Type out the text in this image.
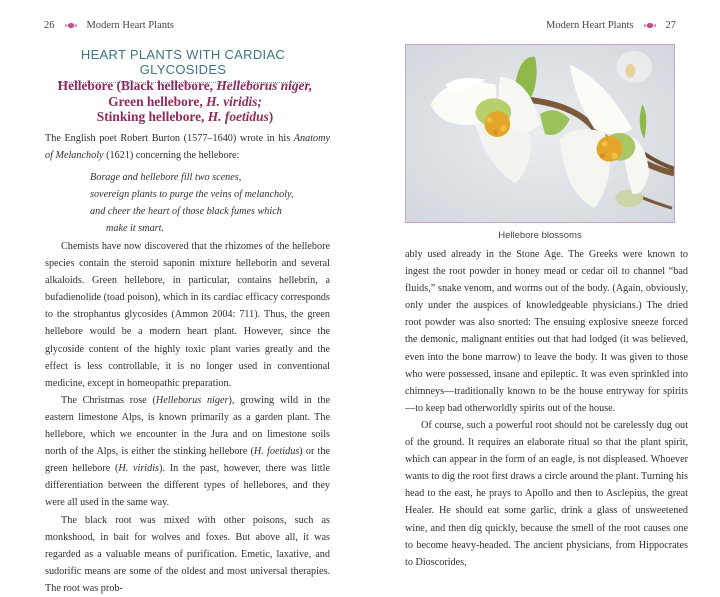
26	Modern Heart Plants
HEART PLANTS WITH CARDIAC GLYCOSIDES
Hellebore (Black hellebore, Helleborus niger,
Green hellebore, H. viridis;
Stinking hellebore, H. foetidus)

The English poet Robert Burton (1577–1640) wrote in his Anatomy of Melancholy (1621) concerning the hellebore:

Borage and hellebore fill two scenes,
sovereign plants to purge the veins of melancholy,
and cheer the heart of those black fumes which
make it smart.

Chemists have now discovered that the rhizomes of the hellebore species contain the steroid saponin mixture helleborin and several alkaloids. Green hellebore, in particular, contains hellebrin, a bufadienolide (toad poison), which in its cardiac efficacy corresponds to the strophantus glycosides (Ammon 2004: 711). Thus, the green hellebore would be a modern heart plant. However, since the glycoside content of the highly toxic plant varies greatly and the effect is less controllable, it is no longer used in conventional medicine, except in homeopathic preparation.

The Christmas rose (Helleborus niger), growing wild in the eastern limestone Alps, is known primarily as a garden plant. The hellebore, which we encounter in the Jura and on limestone soils north of the Alps, is either the stinking hellebore (H. foetidus) or the green hellebore (H. viridis). In the past, however, there was little differentiation between the different types of hellebores, and they were all used in the same way.

The black root was mixed with other poisons, such as monkshood, in bait for wolves and foxes. But above all, it was regarded as a valuable means of purification. Emetic, laxative, and sudorific means are some of the oldest and most universal therapies. The root was prob-

Modern Heart Plants	27
Hellebore blossoms

ably used already in the Stone Age. The Greeks were known to ingest the root powder in honey mead or cedar oil to channel “bad fluids,” snake venom, and worms out of the body. (Again, obviously, only under the auspices of knowledgeable physicians.) The dried root powder was also snorted: The ensuing explosive sneeze forced the demonic, malignant entities out that had lodged (it was believed, even into the bone marrow) to leave the body. It was given to those who were possessed, insane and epileptic. It was even sprinkled into chimneys—traditionally known to be the house entryway for spirits—to keep bad otherworldly spirits out of the house.

Of course, such a powerful root should not be carelessly dug out of the ground. It requires an elaborate ritual so that the plant spirit, which can appear in the form of an eagle, is not displeased. Whoever wants to dig the root first draws a circle around the plant. Turning his head to the east, he prays to Apollo and then to Asclepius, the great Healer. He should eat some garlic, drink a glass of unsweetened wine, and then dig quickly, because the smell of the root causes one to become heavy-headed. The ancient physicians, from Hippocrates to Dioscorides,
